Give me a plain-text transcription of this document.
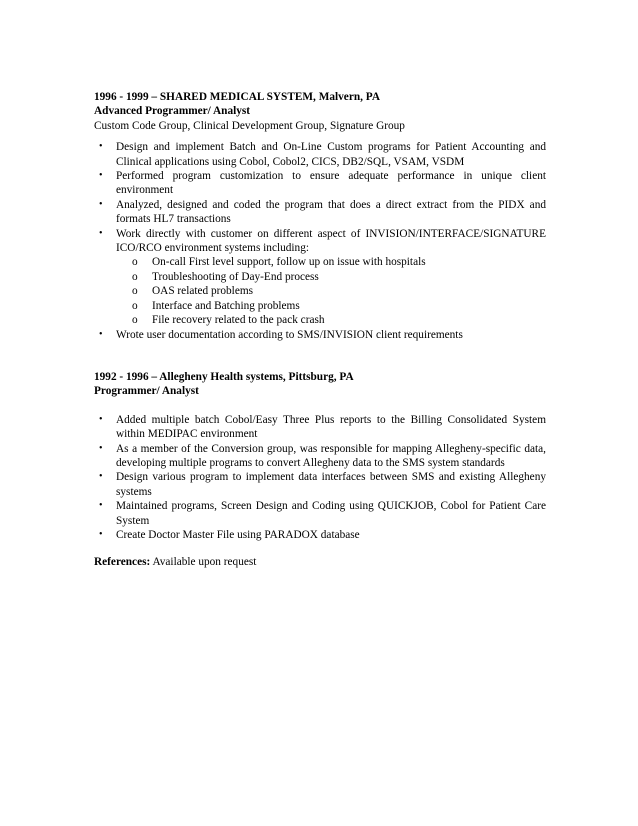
1996 - 1999 – SHARED MEDICAL SYSTEM, Malvern, PA
Advanced Programmer/ Analyst
Custom Code Group, Clinical Development Group, Signature Group
• Design and implement Batch and On-Line Custom programs for Patient Accounting and Clinical applications using Cobol, Cobol2, CICS, DB2/SQL, VSAM, VSDM
• Performed program customization to ensure adequate performance in unique client environment
• Analyzed, designed and coded the program that does a direct extract from the PIDX and formats HL7 transactions
• Work directly with customer on different aspect of INVISION/INTERFACE/SIGNATURE ICO/RCO environment systems including:
o On-call First level support, follow up on issue with hospitals
o Troubleshooting of Day-End process
o OAS related problems
o Interface and Batching problems
o File recovery related to the pack crash
• Wrote user documentation according to SMS/INVISION client requirements
1992 - 1996 – Allegheny Health systems, Pittsburg, PA
Programmer/ Analyst
• Added multiple batch Cobol/Easy Three Plus reports to the Billing Consolidated System within MEDIPAC environment
• As a member of the Conversion group, was responsible for mapping Allegheny-specific data, developing multiple programs to convert Allegheny data to the SMS system standards
• Design various program to implement data interfaces between SMS and existing Allegheny systems
• Maintained programs, Screen Design and Coding using QUICKJOB, Cobol for Patient Care System
• Create Doctor Master File using PARADOX database
References: Available upon request
